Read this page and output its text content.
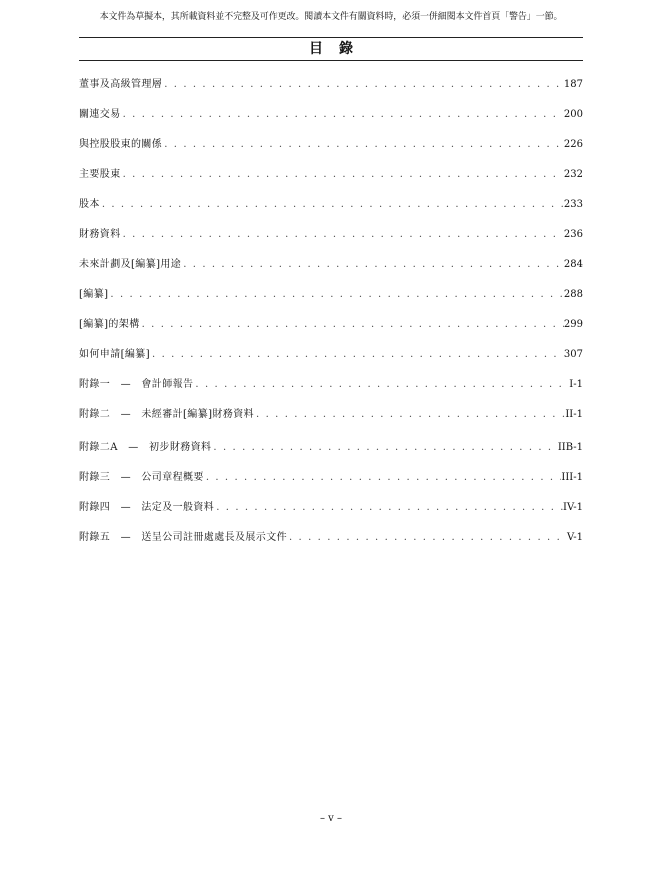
本文件為草擬本，其所載資料並不完整及可作更改。閱讀本文件有關資料時，必須一併細閱本文件首頁「警告」一節。
目錄
董事及高級管理層 . . .	187
關連交易 . . .	200
與控股股東的關係 . . .	226
主要股東 . . .	232
股本 . . .	233
財務資料 . . .	236
未來計劃及[編纂]用途 . . .	284
[編纂] . . .	288
[編纂]的架構 . . .	299
如何申請[編纂] . . .	307
附錄一　—　會計師報告 . . .	I-1
附錄二　—　未經審計[編纂]財務資料 . . .	II-1
附錄二A　—　初步財務資料 . . .	IIB-1
附錄三　—　公司章程概要 . . .	III-1
附錄四　—　法定及一般資料 . . .	IV-1
附錄五　—　送呈公司註冊處處長及展示文件 . . .	V-1
– v –
